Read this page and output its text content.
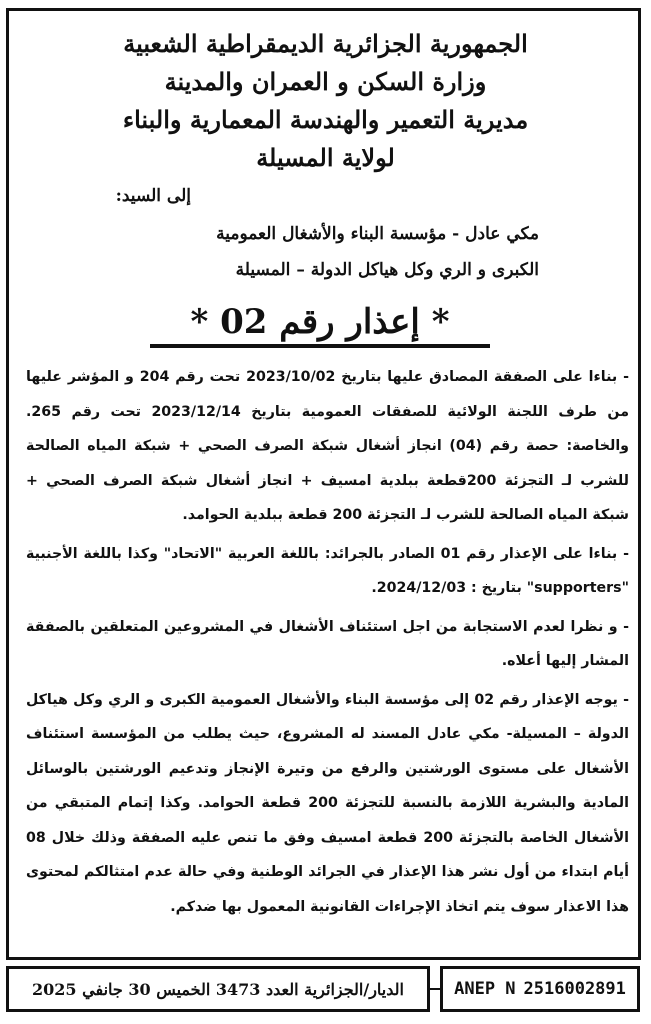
الجمهورية الجزائرية الديمقراطية الشعبية
وزارة السكن و العمران والمدينة
مديرية التعمير والهندسة المعمارية والبناء
لولاية المسيلة
إلى السيد:
مكي عادل - مؤسسة البناء والأشغال العمومية
الكبرى و الري وكل هياكل الدولة – المسيلة
* إعذار رقم 02 *

- بناءا على الصفقة المصادق عليها بتاريخ 2023/10/02 تحت رقم 204 و المؤشر عليها من طرف اللجنة الولائية للصفقات العمومية بتاريخ 2023/12/14 تحت رقم 265. والخاصة: حصة رقم (04) انجاز أشغال شبكة الصرف الصحي + شبكة المياه الصالحة للشرب لـ التجزئة 200قطعة ببلدية امسيف + انجاز أشغال شبكة الصرف الصحي + شبكة المياه الصالحة للشرب لـ التجزئة 200 قطعة ببلدية الحوامد.

- بناءا على الإعذار رقم 01 الصادر بالجرائد: باللغة العربية "الاتحاد" وكذا باللغة الأجنبية "supporters" بتاريخ : 2024/12/03.

- و نظرا لعدم الاستجابة من اجل استئناف الأشغال في المشروعين المتعلقين بالصفقة المشار إليها أعلاه.

- يوجه الإعذار رقم 02 إلى مؤسسة البناء والأشغال العمومية الكبرى و الري وكل هياكل الدولة – المسيلة- مكي عادل المسند له المشروع، حيث يطلب من المؤسسة استئناف الأشغال على مستوى الورشتين والرفع من وتيرة الإنجاز وتدعيم الورشتين بالوسائل المادية والبشرية اللازمة بالنسبة للتجزئة 200 قطعة الحوامد. وكذا إتمام المتبقي من الأشغال الخاصة بالتجزئة 200 قطعة امسيف وفق ما تنص عليه الصفقة وذلك خلال 08 أيام ابتداء من أول نشر هذا الإعذار في الجرائد الوطنية وفي حالة عدم امتثالكم لمحتوى هذا الاعذار سوف يتم اتخاذ الإجراءات القانونية المعمول بها ضدكم.

الديار/الجزائرية العدد 3473 الخميس 30 جانفي 2025	ANEP N 2516002891
